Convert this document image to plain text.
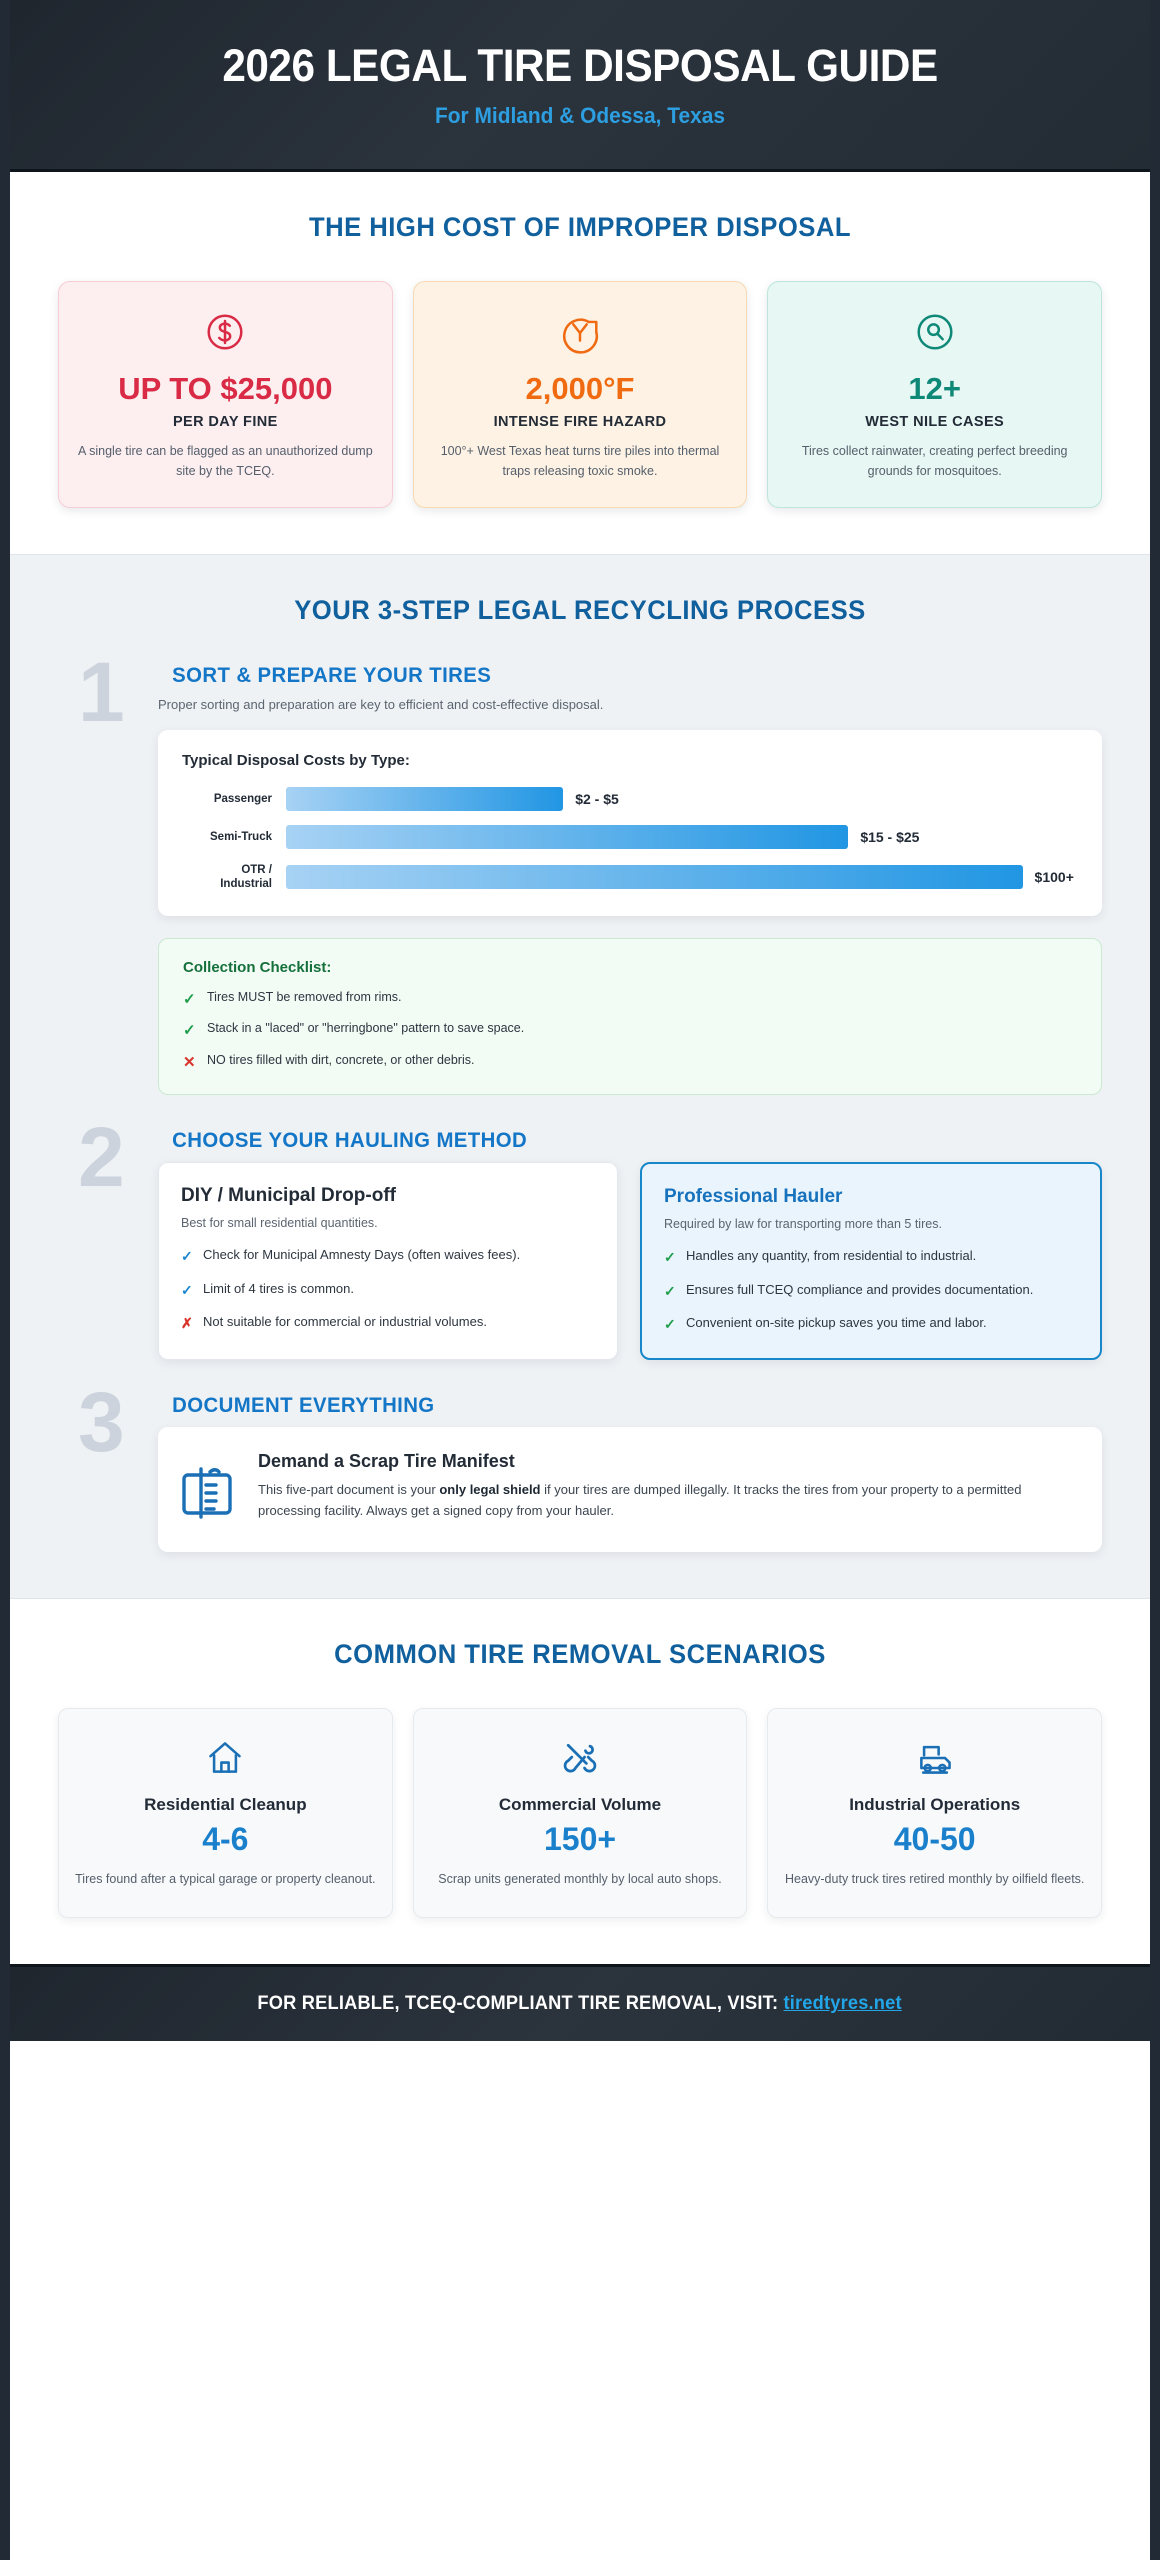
2026 LEGAL TIRE DISPOSAL GUIDE
For Midland & Odessa, Texas
THE HIGH COST OF IMPROPER DISPOSAL
UP TO $25,000
PER DAY FINE
A single tire can be flagged as an unauthorized dump site by the TCEQ.
2,000°F
INTENSE FIRE HAZARD
100°+ West Texas heat turns tire piles into thermal traps releasing toxic smoke.
12+
WEST NILE CASES
Tires collect rainwater, creating perfect breeding grounds for mosquitoes.
YOUR 3-STEP LEGAL RECYCLING PROCESS
1 SORT & PREPARE YOUR TIRES
Proper sorting and preparation are key to efficient and cost-effective disposal.
Typical Disposal Costs by Type:
Passenger	$2 - $5
Semi-Truck	$15 - $25
OTR /
Industrial	$100+
Collection Checklist:
✓ Tires MUST be removed from rims.
✓ Stack in a "laced" or "herringbone" pattern to save space.
✕ NO tires filled with dirt, concrete, or other debris.
2 CHOOSE YOUR HAULING METHOD
DIY / Municipal Drop-off
Best for small residential quantities.
✓ Check for Municipal Amnesty Days (often waives fees).
✓ Limit of 4 tires is common.
✗ Not suitable for commercial or industrial volumes.
Professional Hauler
Required by law for transporting more than 5 tires.
✓ Handles any quantity, from residential to industrial.
✓ Ensures full TCEQ compliance and provides documentation.
✓ Convenient on-site pickup saves you time and labor.
3 DOCUMENT EVERYTHING
Demand a Scrap Tire Manifest

This five-part document is your only legal shield if your tires are dumped illegally. It tracks the tires from your property to a permitted processing facility. Always get a signed copy from your hauler.

COMMON TIRE REMOVAL SCENARIOS
Residential Cleanup
4-6
Tires found after a typical garage or property cleanout.
Commercial Volume
150+
Scrap units generated monthly by local auto shops.
Industrial Operations
40-50
Heavy-duty truck tires retired monthly by oilfield fleets.
FOR RELIABLE, TCEQ-COMPLIANT TIRE REMOVAL, VISIT: tiredtyres.net
